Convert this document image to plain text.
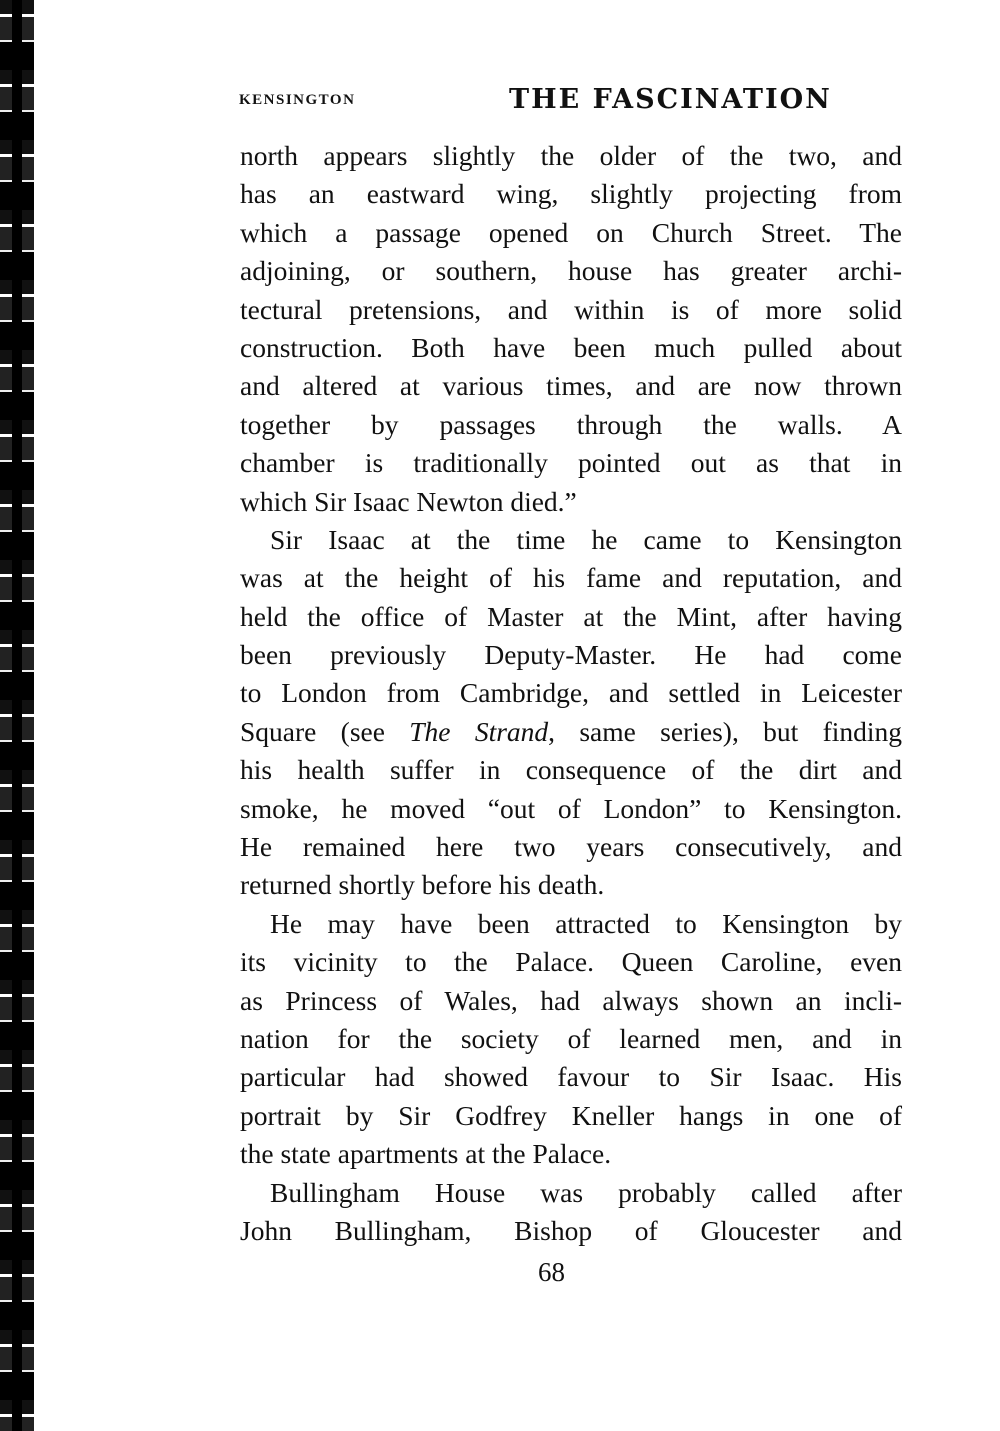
KENSINGTON	THE FASCINATION
north appears slightly the older of the two, and
has an eastward wing, slightly projecting from
which a passage opened on Church Street. The
adjoining, or southern, house has greater archi-
tectural pretensions, and within is of more solid
construction. Both have been much pulled about
and altered at various times, and are now thrown
together by passages through the walls. A
chamber is traditionally pointed out as that in
which Sir Isaac Newton died.”
Sir Isaac at the time he came to Kensington
was at the height of his fame and reputation, and
held the office of Master at the Mint, after having
been previously Deputy-Master. He had come
to London from Cambridge, and settled in Leicester
Square (see The Strand, same series), but finding
his health suffer in consequence of the dirt and
smoke, he moved “out of London” to Kensington.
He remained here two years consecutively, and
returned shortly before his death.
He may have been attracted to Kensington by
its vicinity to the Palace. Queen Caroline, even
as Princess of Wales, had always shown an incli-
nation for the society of learned men, and in
particular had showed favour to Sir Isaac. His
portrait by Sir Godfrey Kneller hangs in one of
the state apartments at the Palace.
Bullingham House was probably called after
John Bullingham, Bishop of Gloucester and
68
